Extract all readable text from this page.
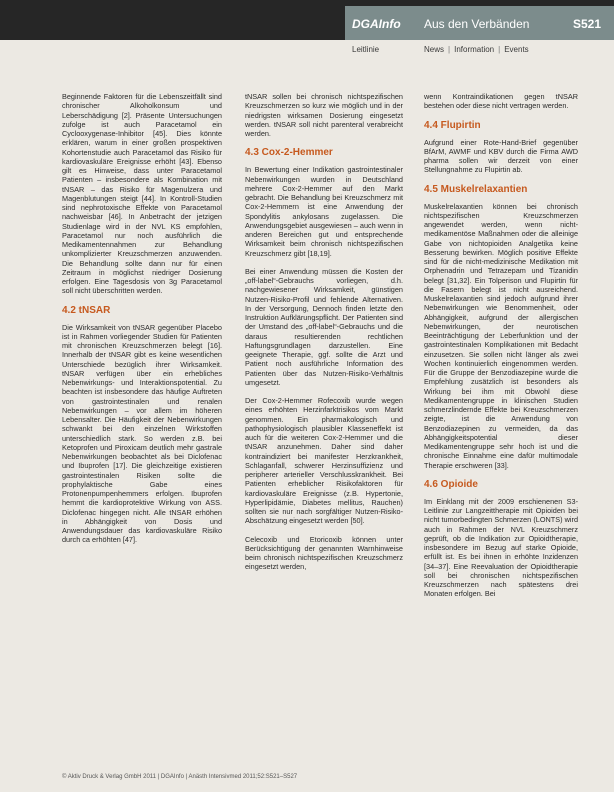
DGAInfo Aus den Verbänden	S521
Leitlinie	News | Information | Events

Beginnende Faktoren für die Lebenszeitfällt sind chronischer Alkoholkonsum und Leberschädigung [2]. Präsente Untersuchungen zufolge ist auch Paracetamol ein Cyclooxygenase-Inhibitor [45]. Dies könnte erklären, warum in einer großen prospektiven Kohortenstudie auch Paracetamol das Risiko für kardiovaskuläre Ereignisse erhöht [43]. Ebenso gilt es Hinweise, dass unter Paracetamol Patienten – insbesondere als Kombination mit tNSAR – das Risiko für Magenulzera und Magenblutungen steigt [44]. In Kontroll-Studien sind nephrotoxische Effekte von Paracetamol nachweisbar [46]. In Anbetracht der jetzigen Studienlage wird in der NVL KS empfohlen, Paracetamol nur noch ausführlich die Medikamentennahmen zur Behandlung unkomplizierter Kreuzschmerzen anzuwenden. Die Behandlung sollte dann nur für einen Zeitraum in möglichst niedriger Dosierung erfolgen. Eine Tagesdosis von 3g Paracetamol soll nicht überschritten werden.

4.2 tNSAR

Die Wirksamkeit von tNSAR gegenüber Placebo ist in Rahmen vorliegender Studien für Patienten mit chronischen Kreuzschmerzen belegt [16]. Innerhalb der tNSAR gibt es keine wesentlichen Unterschiede bezüglich ihrer Wirksamkeit. tNSAR verfügen über ein erhebliches Nebenwirkungs- und Interaktionspotential. Zu beachten ist insbesondere das häufige Auftreten von gastrointestinalen und renalen Nebenwirkungen – vor allem im höheren Lebensalter. Die Häufigkeit der Nebenwirkungen schwankt bei den einzelnen Wirkstoffen unterschiedlich stark. So werden z.B. bei Ketoprofen und Piroxicam deutlich mehr gastrale Nebenwirkungen beobachtet als bei Diclofenac und Ibuprofen [17]. Die gleichzeitige existieren gastrointestinalen Risiken sollte die prophylaktische Gabe eines Protonenpumpenhemmers erfolgen. Ibuprofen hemmt die kardioprotektive Wirkung von ASS. Diclofenac hingegen nicht. Alle tNSAR erhöhen in Abhängigkeit von Dosis und Anwendungsdauer das kardiovaskuläre Risiko durch ca erhöhten [47].

tNSAR sollen bei chronisch nichtspezifischen Kreuzschmerzen so kurz wie möglich und in der niedrigsten wirksamen Dosierung eingesetzt werden. tNSAR soll nicht parenteral verabreicht werden.

4.3 Cox-2-Hemmer

In Bewertung einer Indikation gastrointestinaler Nebenwirkungen wurden in Deutschland mehrere Cox-2-Hemmer auf den Markt gebracht. Die Behandlung bei Kreuzschmerz mit Cox-2-Hemmern ist eine Anwendung der Spondylitis ankylosans zugelassen. Die Anwendungsgebiet ausgewiesen – auch wenn in anderen Bereichen gut und entsprechende Wirksamkeit beim chronisch nichtspezifischen Kreuzschmerz gibt [18,19].

Bei einer Anwendung müssen die Kosten der „off-label“-Gebrauchs vorliegen, d.h. nachgewiesener Wirksamkeit, günstigen Nutzen-Risiko-Profil und fehlende Alternativen. In der Versorgung, Dennoch finden letzte den Instruktion Aufklärungspflicht. Der Patienten sind der Umstand des „off-label“-Gebrauchs und die daraus resultierenden rechtlichen Haftungsgrundlagen darzustellen. Eine geeignete Therapie, ggf. sollte die Arzt und Patient noch ausführliche Information des Patienten über das Nutzen-Risiko-Verhältnis umgesetzt.

Der Cox-2-Hemmer Rofecoxib wurde wegen eines erhöhten Herzinfarktrisikos vom Markt genommen. Ein pharmakologisch und pathophysiologisch plausibler Klasseneffekt ist auch für die weiteren Cox-2-Hemmer und die tNSAR anzunehmen. Daher sind daher kontraindiziert bei manifester Herzkrankheit, Schlaganfall, schwerer Herzinsuffizienz und peripherer arterieller Verschlusskrankheit. Bei Patienten erheblicher Risikofaktoren für kardiovaskuläre Ereignisse (z.B. Hypertonie, Hyperlipidämie, Diabetes mellitus, Rauchen) sollten sie nur nach sorgfältiger Nutzen-Risiko-Abschätzung eingesetzt werden [50].

Celecoxib und Etoricoxib können unter Berücksichtigung der genannten Warnhinweise beim chronisch nichtspezifischen Kreuzschmerz eingesetzt werden,

wenn Kontraindikationen gegen tNSAR bestehen oder diese nicht vertragen werden.

4.4 Flupirtin

Aufgrund einer Rote-Hand-Brief gegenüber BfArM, AWMF und KBV durch die Firma AWD pharma sollen wir derzeit von einer Stellungnahme zu Flupirtin ab.

4.5 Muskelrelaxantien

Muskelrelaxantien können bei chronisch nichtspezifischen Kreuzschmerzen angewendet werden, wenn nicht-medikamentöse Maßnahmen oder die alleinige Gabe von nichtopioiden Analgetika keine Besserung bewirken. Möglich positive Effekte sind für die nicht-medizinische Medikation mit Orphenadrin und Tetrazepam und Tizanidin belegt [31,32]. Ein Tolperison und Flupirtin für die Fasern belegt ist nicht ausreichend. Muskelrelaxantien sind jedoch aufgrund ihrer Nebenwirkungen wie Benommenheit, oder Abhängigkeit, aufgrund der allergischen Nebenwirkungen, der neurotischen Beeinträchtigung der Leberfunktion und der gastrointestinalen Komplikationen mit Bedacht einzusetzen. Sie sollen nicht länger als zwei Wochen kontinuierlich eingenommen werden. Für die Gruppe der Benzodiazepine wurde die Empfehlung zusätzlich ist besonders als Wirkung bei ihm mit Obwohl diese Medikamentengruppe in klinischen Studien schmerzlindernde Effekte bei Kreuzschmerzen zeigte, ist die Anwendung von Benzodiazepinen zu vermeiden, da das Abhängigkeitspotential dieser Medikamentengruppe sehr hoch ist und die chronische Einnahme eine dafür multimodale Therapie erschweren [33].

4.6 Opioide

Im Einklang mit der 2009 erschienenen S3-Leitlinie zur Langzeittherapie mit Opioiden bei nicht tumorbedingten Schmerzen (LONTS) wird auch in Rahmen der NVL Kreuzschmerz geprüft, ob die Indikation zur Opioidtherapie, insbesondere im Bezug auf starke Opioide, erfüllt ist. Es bei ihnen in erhöhte Inzidenzen [34–37]. Eine Reevaluation der Opioidtherapie soll bei chronischen nichtspezifischen Kreuzschmerzen nach spätestens drei Monaten erfolgen. Bei

© Aktiv Druck & Verlag GmbH 2011 | DGAInfo | Anästh Intensivmed 2011;52:S521–S527
